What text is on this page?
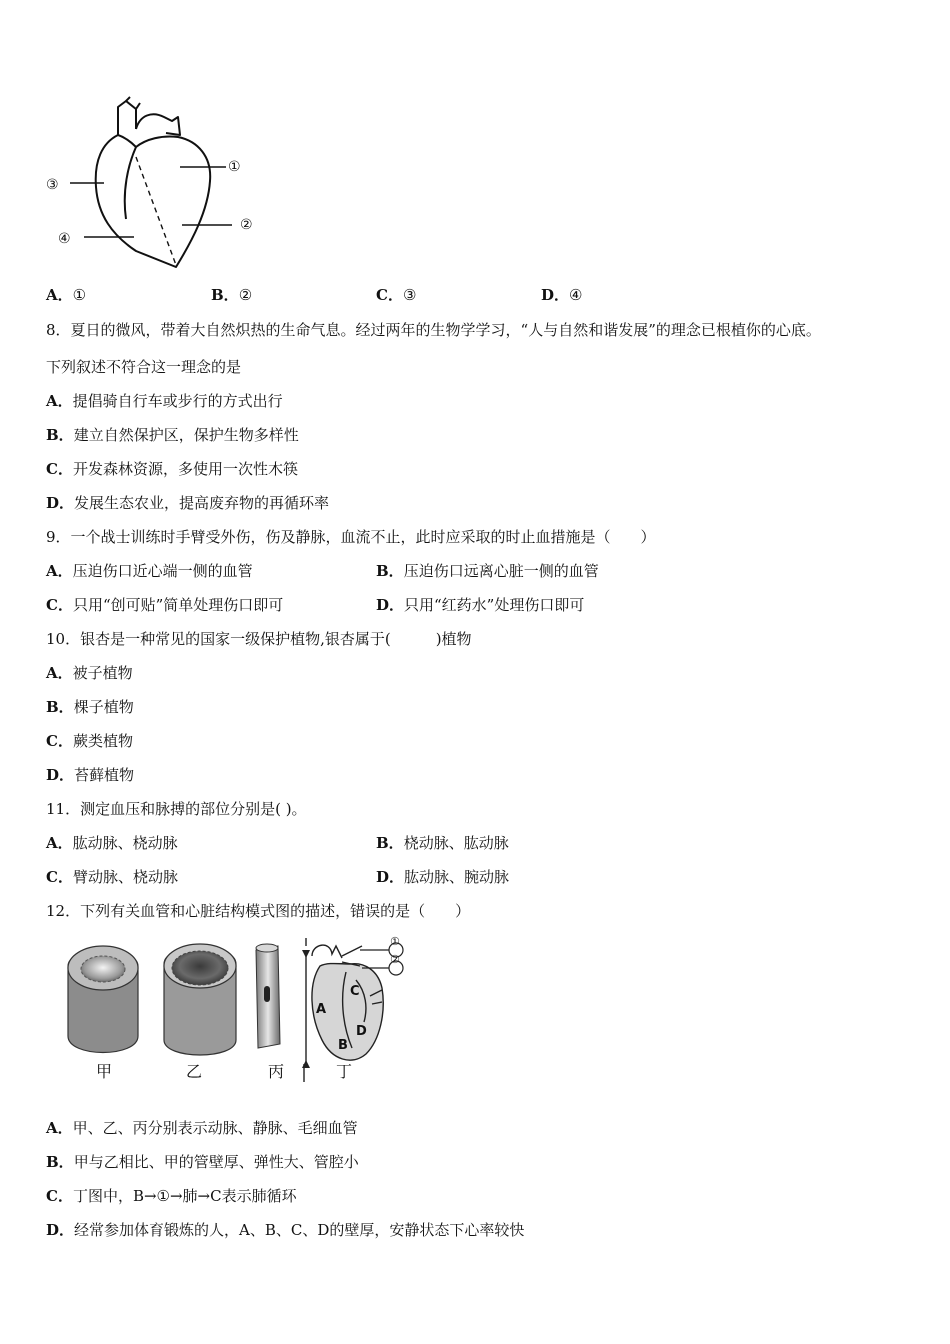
①
②
③
④
A．①	B．②	C．③	D．④
8．夏日的微风，带着大自然炽热的生命气息。经过两年的生物学学习，“人与自然和谐发展”的理念已根植你的心底。
下列叙述不符合这一理念的是
A．提倡骑自行车或步行的方式出行
B．建立自然保护区，保护生物多样性
C．开发森林资源，多使用一次性木筷
D．发展生态农业，提高废弃物的再循环率
9．一个战士训练时手臂受外伤，伤及静脉，血流不止，此时应采取的时止血措施是（　　）
A．压迫伤口近心端一侧的血管	B．压迫伤口远离心脏一侧的血管
C．只用“创可贴”简单处理伤口即可	D．只用“红药水”处理伤口即可
10．银杏是一种常见的国家一级保护植物,银杏属于(　　　)植物
A．被子植物
B．棵子植物
C．蕨类植物
D．苔藓植物
11．测定血压和脉搏的部位分别是( )。
A．肱动脉、桡动脉	B．桡动脉、肱动脉
C．臂动脉、桡动脉	D．肱动脉、腕动脉
12．下列有关血管和心脏结构模式图的描述，错误的是（　　）
①
②
A
B
C
D
甲	乙	丙	丁
A．甲、乙、丙分别表示动脉、静脉、毛细血管
B．甲与乙相比、甲的管壁厚、弹性大、管腔小
C．丁图中，B→①→肺→C表示肺循环
D．经常参加体育锻炼的人，A、B、C、D的壁厚，安静状态下心率较快
